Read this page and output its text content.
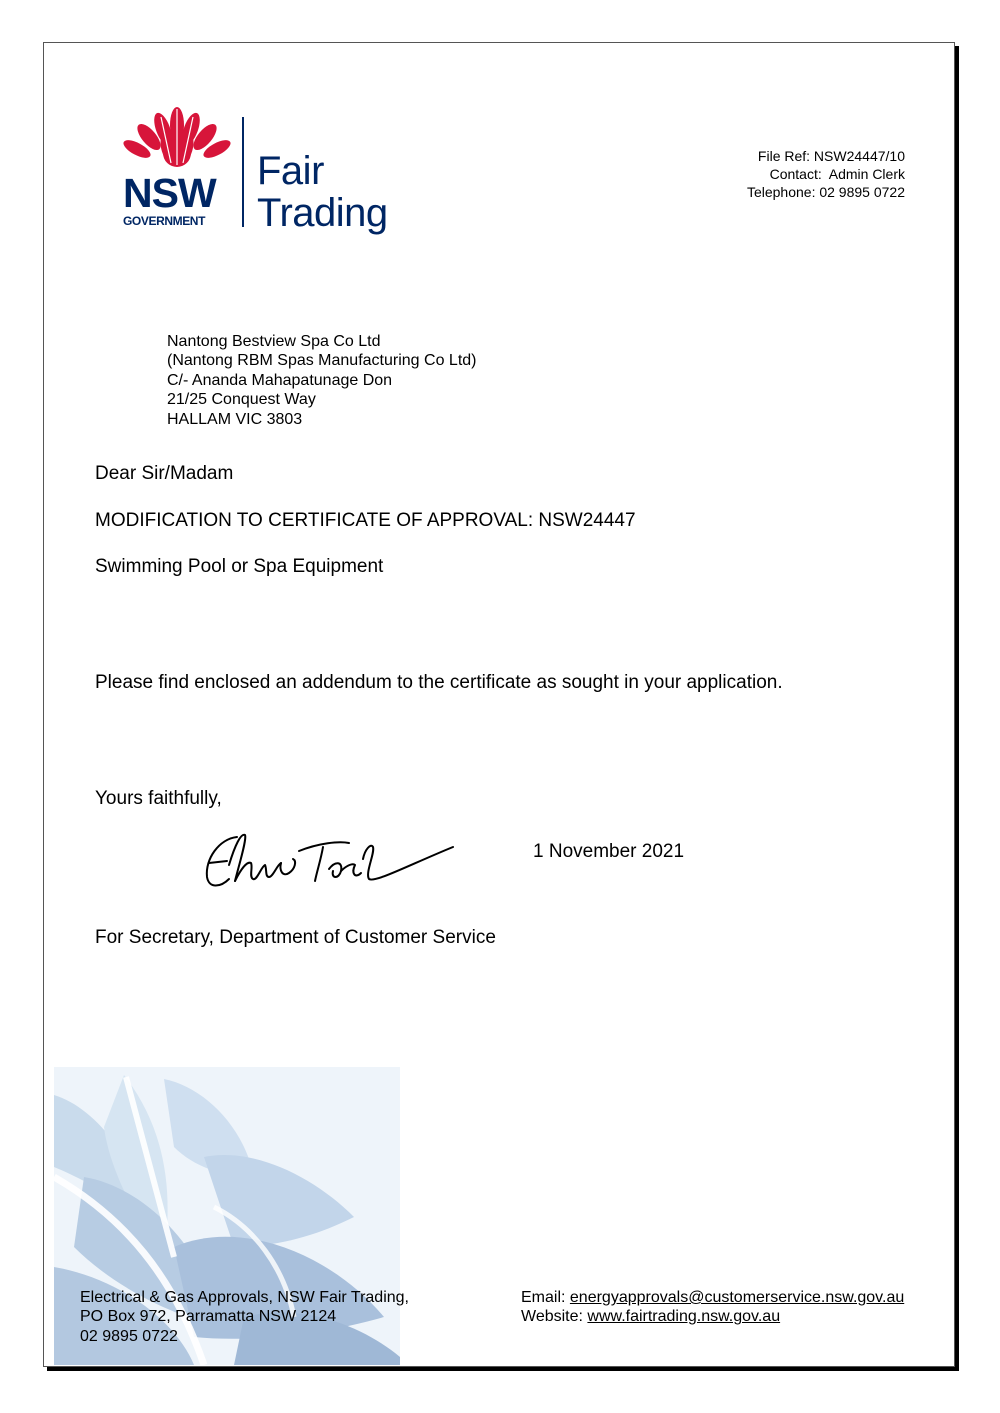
NSW
GOVERNMENT
Fair
Trading
File Ref: NSW24447/10
Contact:  Admin Clerk
Telephone: 02 9895 0722
Nantong Bestview Spa Co Ltd
(Nantong RBM Spas Manufacturing Co Ltd)
C/- Ananda Mahapatunage Don
21/25 Conquest Way
HALLAM VIC 3803
Dear Sir/Madam
MODIFICATION TO CERTIFICATE OF APPROVAL: NSW24447
Swimming Pool or Spa Equipment
Please find enclosed an addendum to the certificate as sought in your application.
Yours faithfully,
1 November 2021
For Secretary, Department of Customer Service
Electrical & Gas Approvals, NSW Fair Trading,
PO Box 972, Parramatta NSW 2124
02 9895 0722
Email: energyapprovals@customerservice.nsw.gov.au
Website: www.fairtrading.nsw.gov.au
